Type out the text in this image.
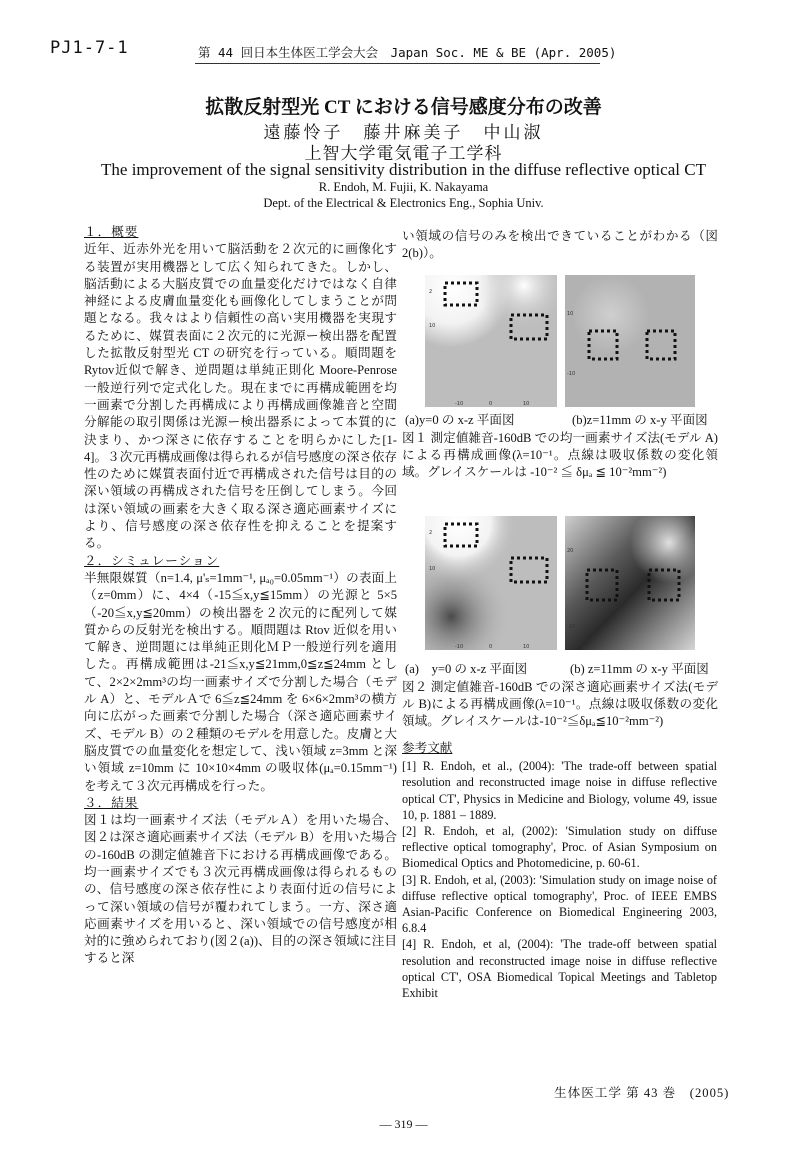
PJ1-7-1	第 44 回日本生体医工学会大会　Japan Soc. ME & BE (Apr. 2005)
拡散反射型光 CT における信号感度分布の改善
遠藤怜子　藤井麻美子　中山淑
上智大学電気電子工学科
The improvement of the signal sensitivity distribution in the diffuse reflective optical CT
R. Endoh, M. Fujii, K. Nakayama
Dept. of the Electrical & Electronics Eng., Sophia Univ.

１．概要

近年、近赤外光を用いて脳活動を２次元的に画像化する装置が実用機器として広く知られてきた。しかし、脳活動による大脳皮質での血量変化だけではなく自律神経による皮膚血量変化も画像化してしまうことが問題となる。我々はより信頼性の高い実用機器を実現するために、媒質表面に２次元的に光源ー検出器を配置した拡散反射型光 CT の研究を行っている。順問題をRytov近似で解き、逆問題は単純正則化 Moore-Penrose 一般逆行列で定式化した。現在までに再構成範囲を均一画素で分割した再構成により再構成画像雑音と空間分解能の取引関係は光源ー検出器系によって本質的に決まり、かつ深さに依存することを明らかにした[1-4]。３次元再構成画像は得られるが信号感度の深さ依存性のために媒質表面付近で再構成された信号は目的の深い領域の再構成された信号を圧倒してしまう。今回は深い領域の画素を大きく取る深さ適応画素サイズにより、信号感度の深さ依存性を抑えることを提案する。

２．シミュレーション

半無限媒質（n=1.4, μ'ₛ=1mm⁻¹, μₐ₀=0.05mm⁻¹）の表面上（z=0mm）に、4×4（-15≦x,y≦15mm）の光源と 5×5（-20≦x,y≦20mm）の検出器を２次元的に配列して媒質からの反射光を検出する。順問題は Rtov 近似を用いて解き、逆問題には単純正則化ＭＰ一般逆行列を適用した。再構成範囲は-21≦x,y≦21mm,0≦z≦24mm として、2×2×2mm³の均一画素サイズで分割した場合（モデル A）と、モデルＡで 6≦z≦24mm を 6×6×2mm³の横方向に広がった画素で分割した場合（深さ適応画素サイズ、モデル B）の２種類のモデルを用意した。皮膚と大脳皮質での血量変化を想定して、浅い領域 z=3mm と深い領域 z=10mm に 10×10×4mm の吸収体(μₐ=0.15mm⁻¹)を考えて３次元再構成を行った。

３．結果

図１は均一画素サイズ法（モデルＡ）を用いた場合、図２は深さ適応画素サイズ法（モデル B）を用いた場合の-160dB の測定値雑音下における再構成画像である。均一画素サイズでも３次元再構成画像は得られるものの、信号感度の深さ依存性により表面付近の信号によって深い領域の信号が覆われてしまう。一方、深さ適応画素サイズを用いると、深い領域での信号感度が相対的に強められており(図２(a))、目的の深さ領域に注目すると深

い領域の信号のみを検出できていることがわかる（図 2(b)）。
2
10
-10	0	10
10
-10
(a)y=0 の x-z 平面図	(b)z=11mm の x-y 平面図
図１ 測定値雑音-160dB での均一画素サイズ法(モデル A)による再構成画像(λ=10⁻¹。点線は吸収係数の変化領域。グレイスケールは -10⁻² ≦ δμₐ ≦ 10⁻²mm⁻²)
2
10
-10	0	10
20
-20
(a)　y=0 の x-z 平面図	(b) z=11mm の x-y 平面図
図２ 測定値雑音-160dB での深さ適応画素サイズ法(モデル B)による再構成画像(λ=10⁻¹。点線は吸収係数の変化領域。グレイスケールは-10⁻²≦δμₐ≦10⁻²mm⁻²)

参考文献

[1] R. Endoh, et al., (2004): 'The trade-off between spatial resolution and reconstructed image noise in diffuse reflective optical CT', Physics in Medicine and Biology, volume 49, issue 10, p. 1881 – 1889.

[2] R. Endoh, et al, (2002): 'Simulation study on diffuse reflective optical tomography', Proc. of Asian Symposium on Biomedical Optics and Photomedicine, p. 60-61.

[3] R. Endoh, et al, (2003): 'Simulation study on image noise of diffuse reflective optical tomography', Proc. of IEEE EMBS Asian-Pacific Conference on Biomedical Engineering 2003, 6.8.4

[4] R. Endoh, et al, (2004): 'The trade-off between spatial resolution and reconstructed image noise in diffuse reflective optical CT', OSA Biomedical Topical Meetings and Tabletop Exhibit

生体医工学 第 43 巻　(2005)
— 319 —
